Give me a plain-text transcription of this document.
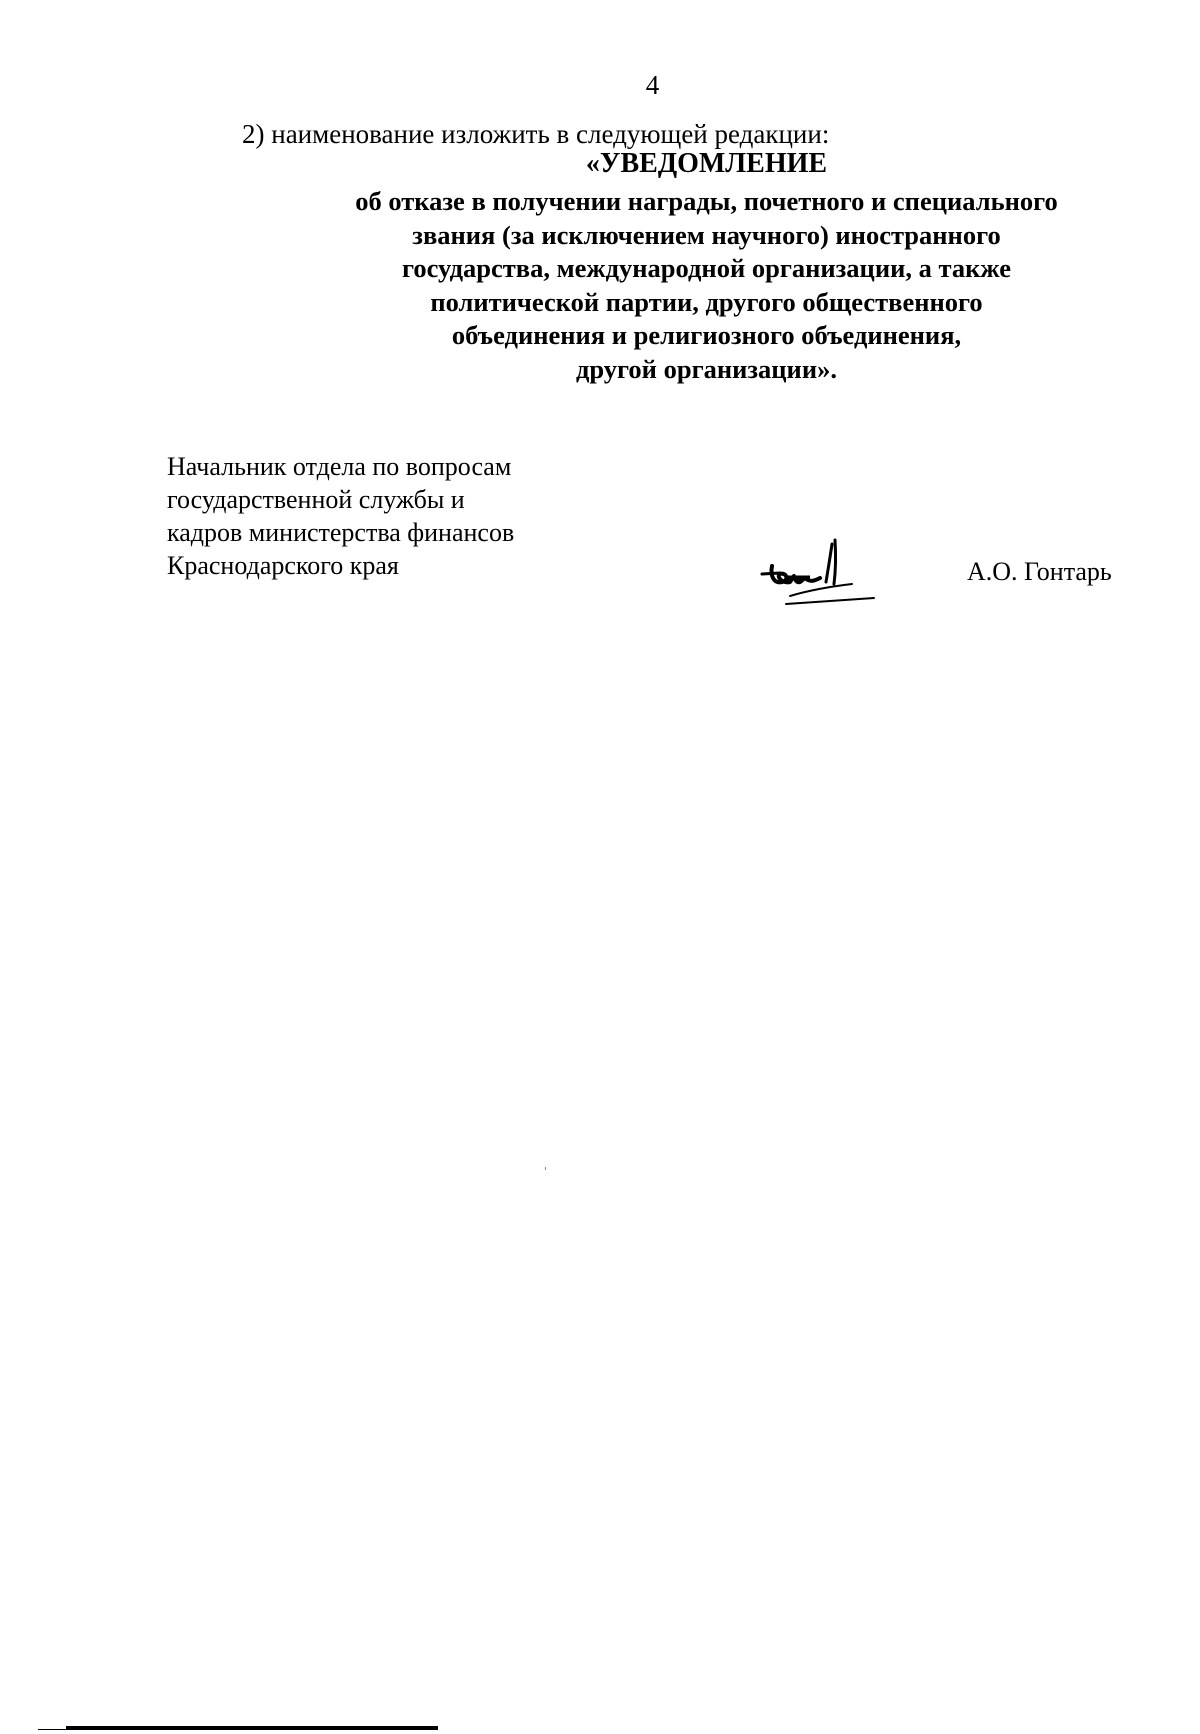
4
2) наименование изложить в следующей редакции:
«УВЕДОМЛЕНИЕ
об отказе в получении награды, почетного и специального
звания (за исключением научного) иностранного
государства, международной организации, а также
политической партии, другого общественного
объединения и религиозного объединения,
другой организации».
Начальник отдела по вопросам
государственной службы и
кадров министерства финансов
Краснодарского края	А.О. Гонтарь
